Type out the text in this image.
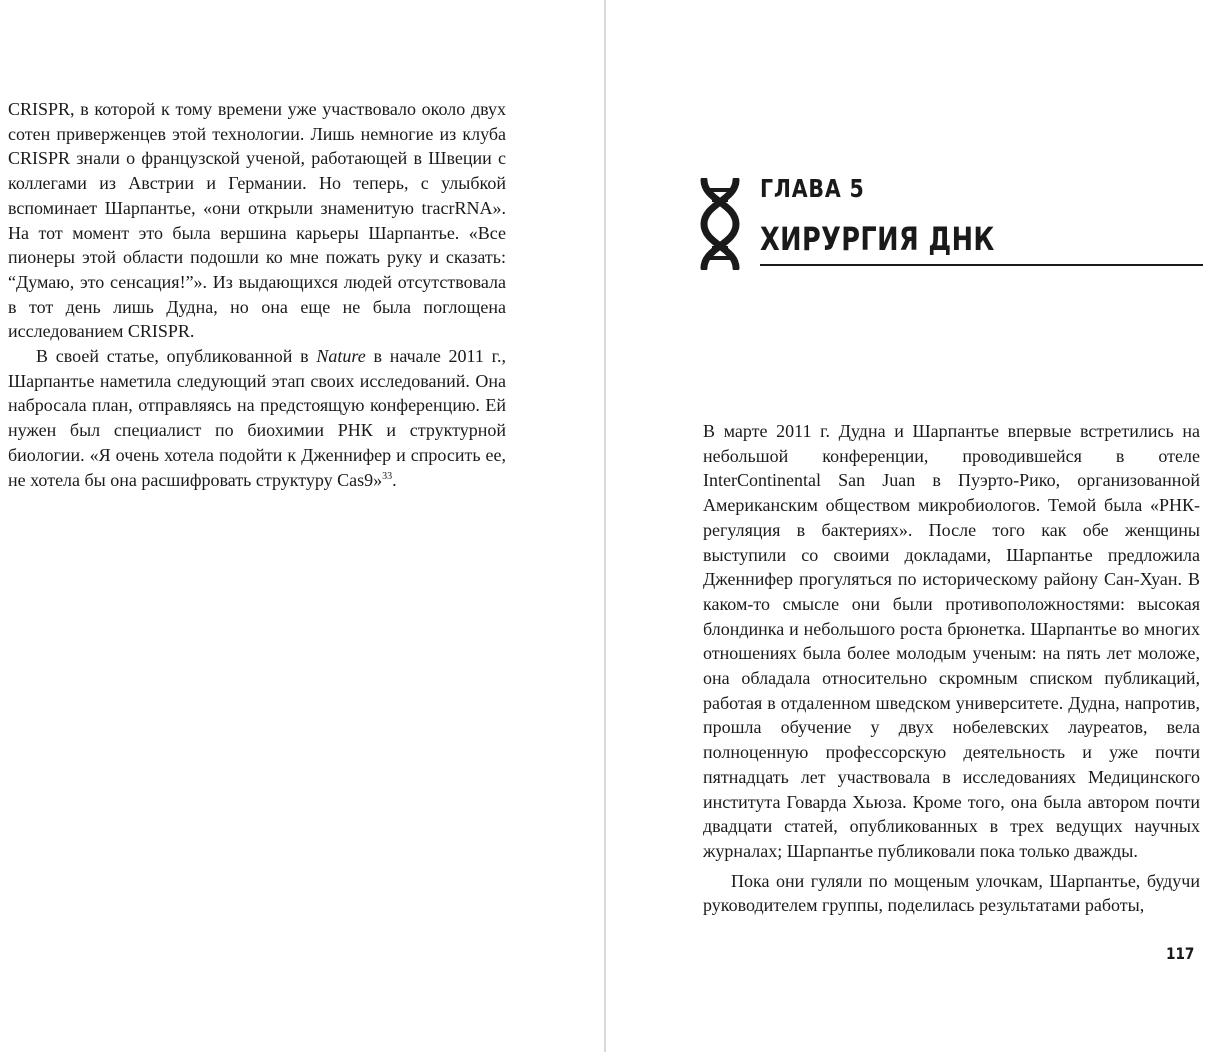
CRISPR, в которой к тому времени уже участвовало около двух сотен приверженцев этой технологии. Лишь немногие из клуба CRISPR знали о французской ученой, работающей в Швеции с коллегами из Австрии и Германии. Но теперь, с улыбкой вспоминает Шарпантье, «они открыли знаменитую tracrRNA». На тот момент это была вершина карьеры Шарпантье. «Все пионеры этой области подошли ко мне пожать руку и сказать: “Думаю, это сенсация!”». Из выдающихся людей отсутствовала в тот день лишь Дудна, но она еще не была поглощена исследованием CRISPR.

В своей статье, опубликованной в Nature в начале 2011 г., Шарпантье наметила следующий этап своих исследований. Она набросала план, отправляясь на предстоящую конференцию. Ей нужен был специалист по биохимии РНК и структурной биологии. «Я очень хотела подойти к Дженнифер и спросить ее, не хотела бы она расшифровать структуру Cas9»$^{33}$.

ГЛАВА 5
ХИРУРГИЯ ДНК

В марте 2011 г. Дудна и Шарпантье впервые встретились на небольшой конференции, проводившейся в отеле InterContinental San Juan в Пуэрто-Рико, организованной Американским обществом микробиологов. Темой была «РНК-регуляция в бактериях». После того как обе женщины выступили со своими докладами, Шарпантье предложила Дженнифер прогуляться по историческому району Сан-Хуан. В каком-то смысле они были противоположностями: высокая блондинка и небольшого роста брюнетка. Шарпантье во многих отношениях была более молодым ученым: на пять лет моложе, она обладала относительно скромным списком публикаций, работая в отдаленном шведском университете. Дудна, напротив, прошла обучение у двух нобелевских лауреатов, вела полноценную профессорскую деятельность и уже почти пятнадцать лет участвовала в исследованиях Медицинского института Говарда Хьюза. Кроме того, она была автором почти двадцати статей, опубликованных в трех ведущих научных журналах; Шарпантье публиковали пока только дважды.

Пока они гуляли по мощеным улочкам, Шарпантье, будучи руководителем группы, поделилась результатами работы,

117
